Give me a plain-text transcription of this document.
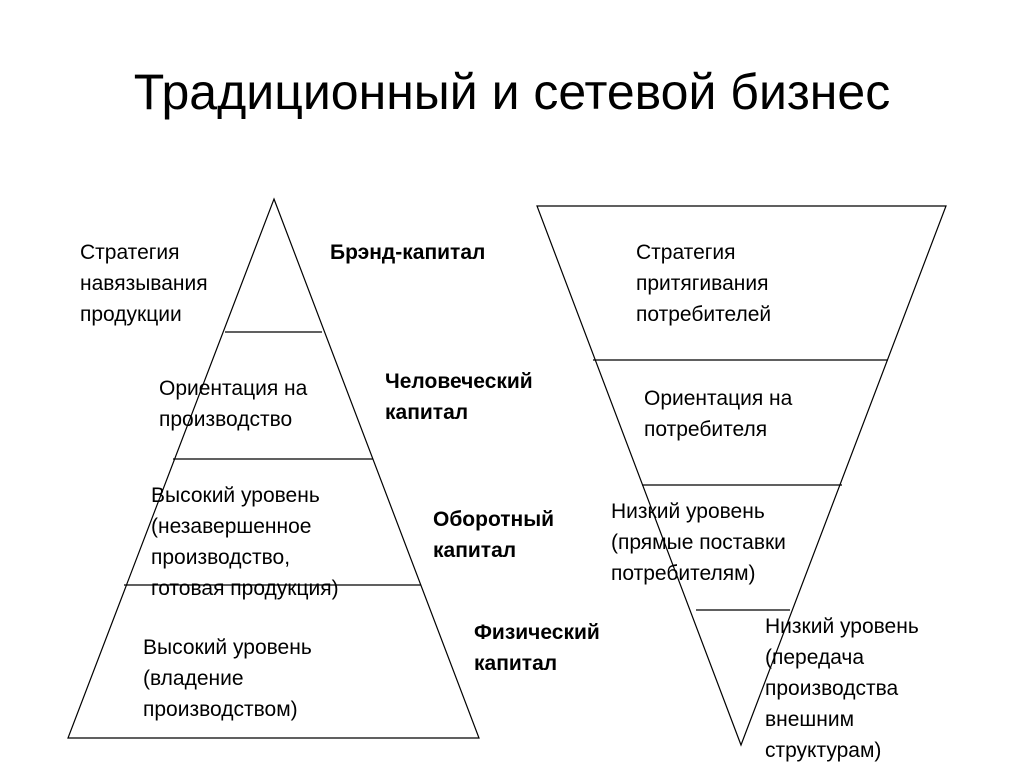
Традиционный и сетевой бизнес
Стратегия
навязывания
продукции
Ориентация на
производство
Высокий уровень
(незавершенное
производство,
готовая продукция)
Высокий уровень
(владение
производством)
Брэнд-капитал
Человеческий
капитал
Оборотный
капитал
Физический
капитал
Стратегия
притягивания
потребителей
Ориентация на
потребителя
Низкий уровень
(прямые поставки
потребителям)
Низкий уровень
(передача
производства
внешним
структурам)
